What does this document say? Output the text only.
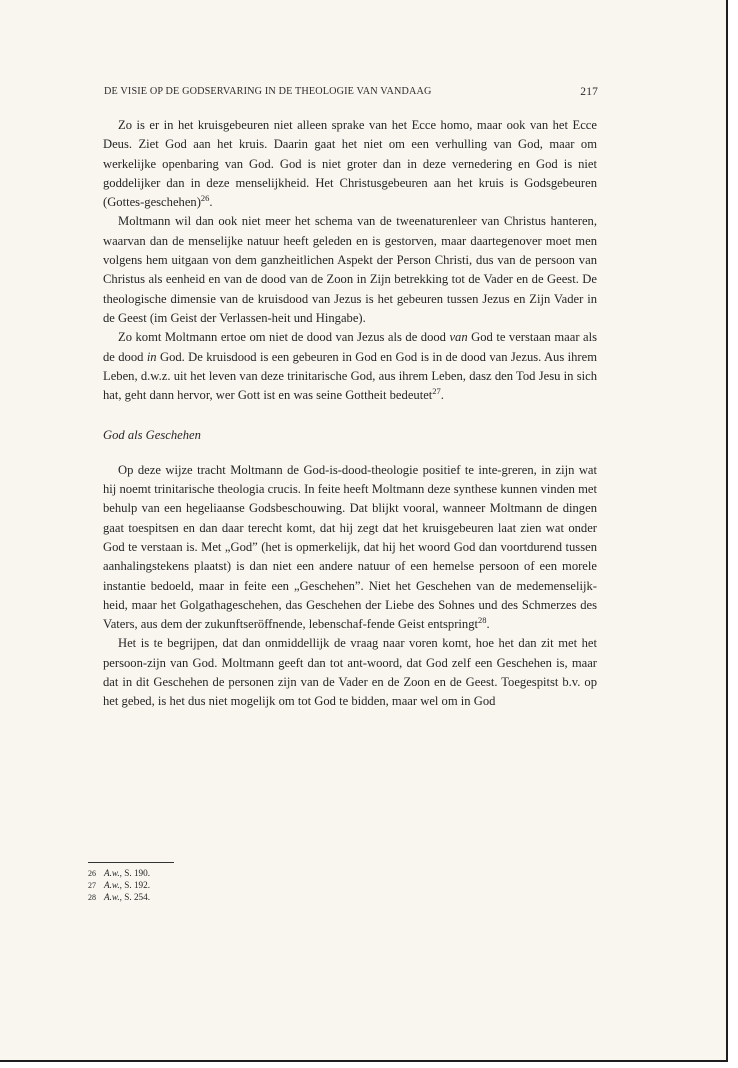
DE VISIE OP DE GODSERVARING IN DE THEOLOGIE VAN VANDAAG	217

Zo is er in het kruisgebeuren niet alleen sprake van het Ecce homo, maar ook van het Ecce Deus. Ziet God aan het kruis. Daarin gaat het niet om een verhulling van God, maar om werkelijke openbaring van God. God is niet groter dan in deze vernedering en God is niet goddelijker dan in deze menselijkheid. Het Christusgebeuren aan het kruis is Godsgebeuren (Gottes-geschehen)$^{26}$.

Moltmann wil dan ook niet meer het schema van de tweenaturenleer van Christus hanteren, waarvan dan de menselijke natuur heeft geleden en is gestorven, maar daartegenover moet men volgens hem uitgaan von dem ganzheitlichen Aspekt der Person Christi, dus van de persoon van Christus als eenheid en van de dood van de Zoon in Zijn betrekking tot de Vader en de Geest. De theologische dimensie van de kruisdood van Jezus is het gebeuren tussen Jezus en Zijn Vader in de Geest (im Geist der Verlassen-heit und Hingabe).

Zo komt Moltmann ertoe om niet de dood van Jezus als de dood van God te verstaan maar als de dood in God. De kruisdood is een gebeuren in God en God is in de dood van Jezus. Aus ihrem Leben, d.w.z. uit het leven van deze trinitarische God, aus ihrem Leben, dasz den Tod Jesu in sich hat, geht dann hervor, wer Gott ist en was seine Gottheit bedeutet$^{27}$.

God als Geschehen

Op deze wijze tracht Moltmann de God-is-dood-theologie positief te inte-greren, in zijn wat hij noemt trinitarische theologia crucis. In feite heeft Moltmann deze synthese kunnen vinden met behulp van een hegeliaanse Godsbeschouwing. Dat blijkt vooral, wanneer Moltmann de dingen gaat toespitsen en dan daar terecht komt, dat hij zegt dat het kruisgebeuren laat zien wat onder God te verstaan is. Met „God” (het is opmerkelijk, dat hij het woord God dan voortdurend tussen aanhalingstekens plaatst) is dan niet een andere natuur of een hemelse persoon of een morele instantie bedoeld, maar in feite een „Geschehen”. Niet het Geschehen van de medemenselijk-heid, maar het Golgathageschehen, das Geschehen der Liebe des Sohnes und des Schmerzes des Vaters, aus dem der zukunftseröffnende, lebenschaf-fende Geist entspringt$^{28}$.

Het is te begrijpen, dat dan onmiddellijk de vraag naar voren komt, hoe het dan zit met het persoon-zijn van God. Moltmann geeft dan tot ant-woord, dat God zelf een Geschehen is, maar dat in dit Geschehen de personen zijn van de Vader en de Zoon en de Geest. Toegespitst b.v. op het gebed, is het dus niet mogelijk om tot God te bidden, maar wel om in God

26 A.w., S. 190.
27 A.w., S. 192.
28 A.w., S. 254.
